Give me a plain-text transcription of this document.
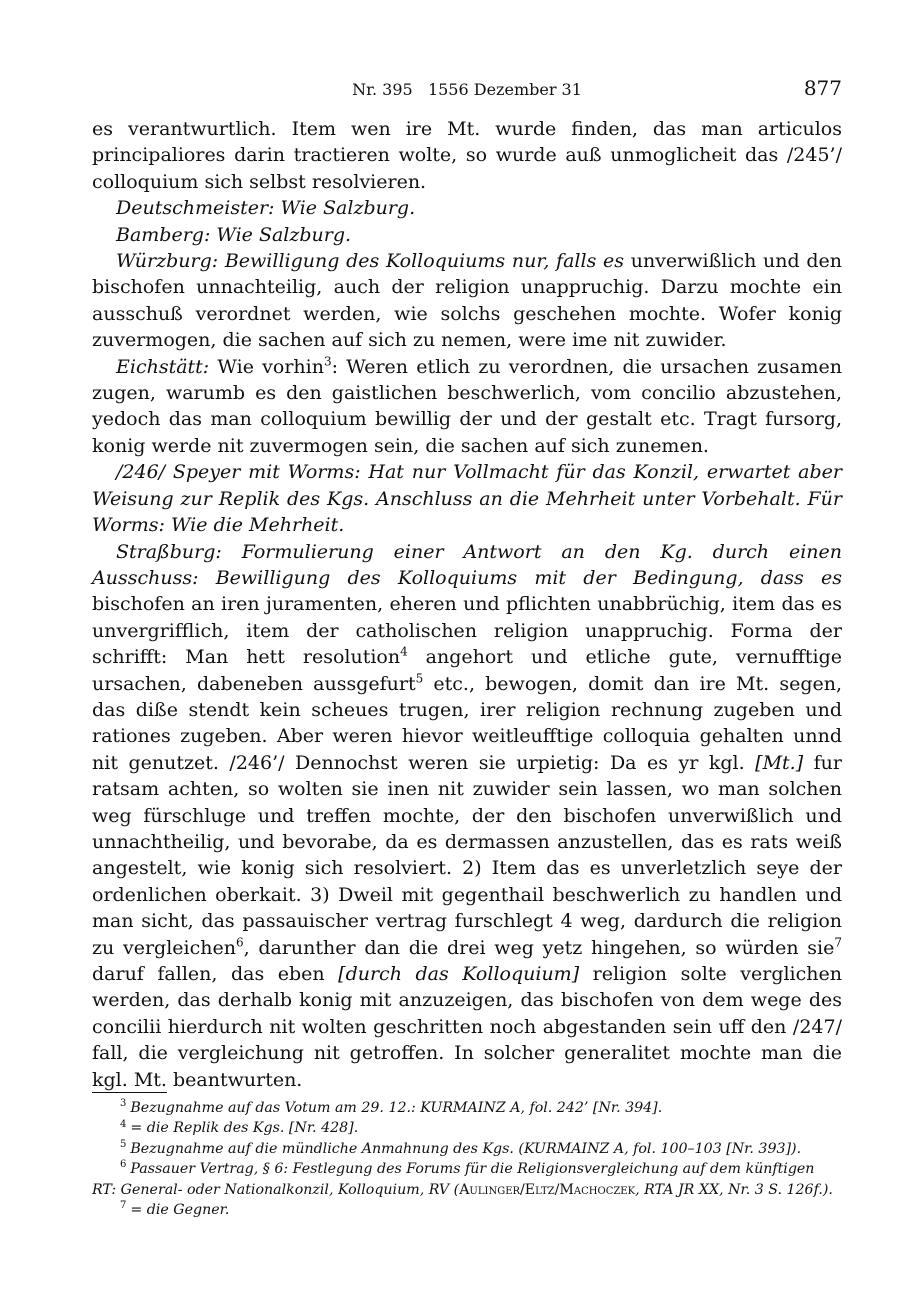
Nr. 395   1556 Dezember 31	877

es verantwurtlich. Item wen ire Mt. wurde finden, das man articulos principaliores darin tractieren wolte, so wurde auß unmoglicheit das /245’/ colloquium sich selbst resolvieren.

Deutschmeister: Wie Salzburg.

Bamberg: Wie Salzburg.

Würzburg: Bewilligung des Kolloquiums nur, falls es unverwißlich und den bischofen unnachteilig, auch der religion unappruchig. Darzu mochte ein ausschuß verordnet werden, wie solchs geschehen mochte. Wofer konig zuvermogen, die sachen auf sich zu nemen, were ime nit zuwider.

Eichstätt: Wie vorhin$^3$: Weren etlich zu verordnen, die ursachen zusamen zugen, warumb es den gaistlichen beschwerlich, vom concilio abzustehen, yedoch das man colloquium bewillig der und der gestalt etc. Tragt fursorg, konig werde nit zuvermogen sein, die sachen auf sich zunemen.

/246/ Speyer mit Worms: Hat nur Vollmacht für das Konzil, erwartet aber Weisung zur Replik des Kgs. Anschluss an die Mehrheit unter Vorbehalt. Für Worms: Wie die Mehrheit.

Straßburg: Formulierung einer Antwort an den Kg. durch einen Ausschuss: Bewilligung des Kolloquiums mit der Bedingung, dass es bischofen an iren juramenten, eheren und pflichten unabbrüchig, item das es unvergrifflich, item der catholischen religion unappruchig. Forma der schrifft: Man hett resolution$^4$ angehort und etliche gute, vernufftige ursachen, dabeneben aussgefurt$^5$ etc., bewogen, domit dan ire Mt. segen, das diße stendt kein scheues trugen, irer religion rechnung zugeben und rationes zugeben. Aber weren hievor weitleufftige colloquia gehalten unnd nit genutzet. /246’/ Dennochst weren sie urpietig: Da es yr kgl. [Mt.] fur ratsam achten, so wolten sie inen nit zuwider sein lassen, wo man solchen weg fürschluge und treffen mochte, der den bischofen unverwißlich und unnachtheilig, und bevorabe, da es dermassen anzustellen, das es rats weiß angestelt, wie konig sich resolviert. 2) Item das es unverletzlich seye der ordenlichen oberkait. 3) Dweil mit gegenthail beschwerlich zu handlen und man sicht, das passauischer vertrag furschlegt 4 weg, dardurch die religion zu vergleichen$^6$, darunther dan die drei weg yetz hingehen, so würden sie$^7$ daruf fallen, das eben [durch das Kolloquium] religion solte verglichen werden, das derhalb konig mit anzuzeigen, das bischofen von dem wege des concilii hierdurch nit wolten geschritten noch abgestanden sein uff den /247/ fall, die vergleichung nit getroffen. In solcher generalitet mochte man die kgl. Mt. beantwurten.

$^3$ Bezugnahme auf das Votum am 29. 12.: KURMAINZ A, fol. 242’ [Nr. 394].

$^4$ = die Replik des Kgs. [Nr. 428].

$^5$ Bezugnahme auf die mündliche Anmahnung des Kgs. (KURMAINZ A, fol. 100–103 [Nr. 393]).

$^6$ Passauer Vertrag, § 6: Festlegung des Forums für die Religionsvergleichung auf dem künftigen RT: General- oder Nationalkonzil, Kolloquium, RV (Aulinger/Eltz/Machoczek, RTA JR XX, Nr. 3 S. 126f.).

$^7$ = die Gegner.
